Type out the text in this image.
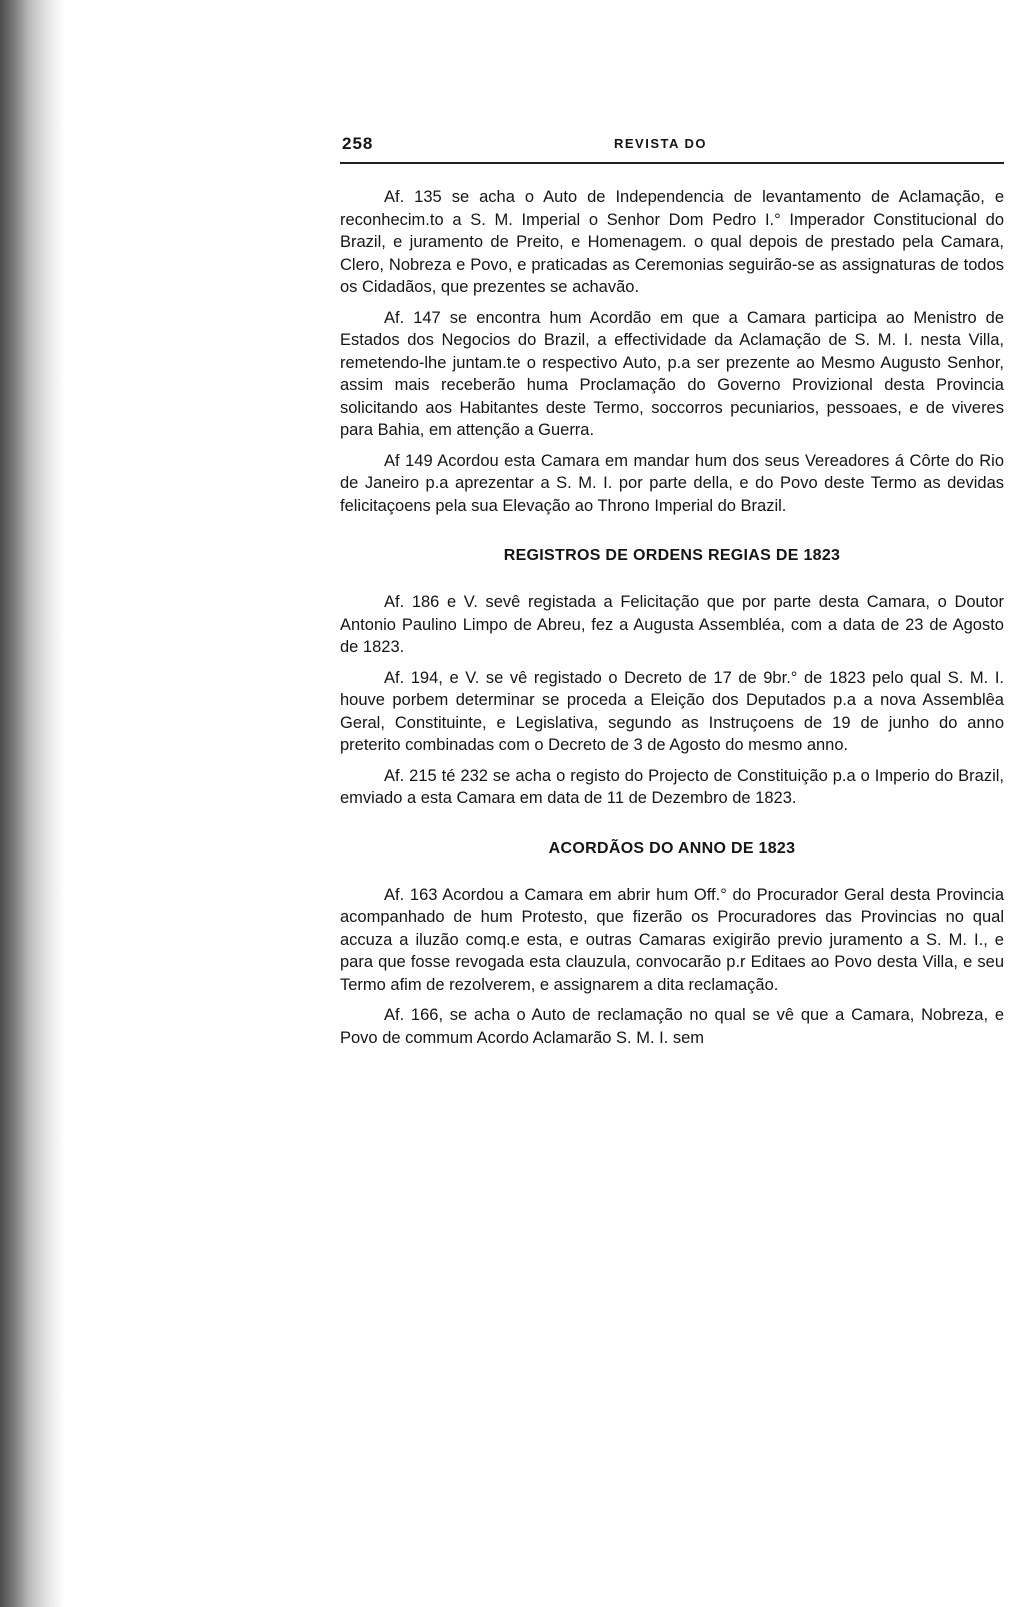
258	REVISTA DO

Af. 135 se acha o Auto de Independencia de levantamento de Aclamação, e reconhecim.to a S. M. Imperial o Senhor Dom Pedro I.° Imperador Constitucional do Brazil, e juramento de Preito, e Homenagem. o qual depois de prestado pela Camara, Clero, Nobreza e Povo, e praticadas as Ceremonias seguirão-se as assignaturas de todos os Cidadãos, que prezentes se achavão.

Af. 147 se encontra hum Acordão em que a Camara participa ao Menistro de Estados dos Negocios do Brazil, a effectividade da Aclamação de S. M. I. nesta Villa, remetendo-lhe juntam.te o respectivo Auto, p.a ser prezente ao Mesmo Augusto Senhor, assim mais receberão huma Proclamação do Governo Provizional desta Provincia solicitando aos Habitantes deste Termo, soccorros pecuniarios, pessoaes, e de viveres para Bahia, em attenção a Guerra.

Af 149 Acordou esta Camara em mandar hum dos seus Vereadores á Côrte do Rio de Janeiro p.a aprezentar a S. M. I. por parte della, e do Povo deste Termo as devidas felicitaçoens pela sua Elevação ao Throno Imperial do Brazil.

REGISTROS DE ORDENS REGIAS DE 1823

Af. 186 e V. sevê registada a Felicitação que por parte desta Camara, o Doutor Antonio Paulino Limpo de Abreu, fez a Augusta Assembléa, com a data de 23 de Agosto de 1823.

Af. 194, e V. se vê registado o Decreto de 17 de 9br.° de 1823 pelo qual S. M. I. houve porbem determinar se proceda a Eleição dos Deputados p.a a nova Assemblêa Geral, Constituinte, e Legislativa, segundo as Instruçoens de 19 de junho do anno preterito combinadas com o Decreto de 3 de Agosto do mesmo anno.

Af. 215 té 232 se acha o registo do Projecto de Constituição p.a o Imperio do Brazil, emviado a esta Camara em data de 11 de Dezembro de 1823.

ACORDÃOS DO ANNO DE 1823

Af. 163 Acordou a Camara em abrir hum Off.° do Procurador Geral desta Provincia acompanhado de hum Protesto, que fizerão os Procuradores das Provincias no qual accuza a iluzão comq.e esta, e outras Camaras exigirão previo juramento a S. M. I., e para que fosse revogada esta clauzula, convocarão p.r Editaes ao Povo desta Villa, e seu Termo afim de rezolverem, e assignarem a dita reclamação.

Af. 166, se acha o Auto de reclamação no qual se vê que a Camara, Nobreza, e Povo de commum Acordo Aclamarão S. M. I. sem
